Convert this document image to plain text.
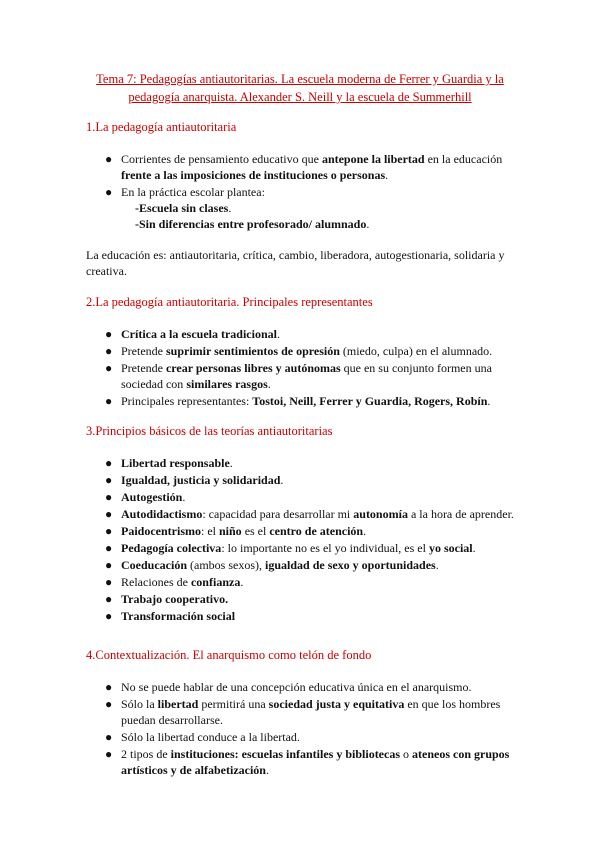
Tema 7: Pedagogías antiautoritarias. La escuela moderna de Ferrer y Guardia y la pedagogía anarquista. Alexander S. Neill y la escuela de Summerhill
1.La pedagogía antiautoritaria
● Corrientes de pensamiento educativo que antepone la libertad en la educación frente a las imposiciones de instituciones o personas.
● En la práctica escolar plantea:
-Escuela sin clases.
-Sin diferencias entre profesorado/ alumnado.

La educación es: antiautoritaria, crítica, cambio, liberadora, autogestionaria, solidaria y creativa.

2.La pedagogía antiautoritaria. Principales representantes
● Crítica a la escuela tradicional.
● Pretende suprimir sentimientos de opresión (miedo, culpa) en el alumnado.
● Pretende crear personas libres y autónomas que en su conjunto formen una sociedad con similares rasgos.
● Principales representantes: Tostoi, Neill, Ferrer y Guardia, Rogers, Robín.
3.Principios básicos de las teorías antiautoritarias
● Libertad responsable.
● Igualdad, justicia y solidaridad.
● Autogestión.
● Autodidactismo: capacidad para desarrollar mi autonomía a la hora de aprender.
● Paidocentrismo: el niño es el centro de atención.
● Pedagogía colectiva: lo importante no es el yo individual, es el yo social.
● Coeducación (ambos sexos), igualdad de sexo y oportunidades.
● Relaciones de confianza.
● Trabajo cooperativo.
● Transformación social
4.Contextualización. El anarquismo como telón de fondo
● No se puede hablar de una concepción educativa única en el anarquismo.
● Sólo la libertad permitirá una sociedad justa y equitativa en que los hombres puedan desarrollarse.
● Sólo la libertad conduce a la libertad.
● 2 tipos de instituciones: escuelas infantiles y bibliotecas o ateneos con grupos artísticos y de alfabetización.
